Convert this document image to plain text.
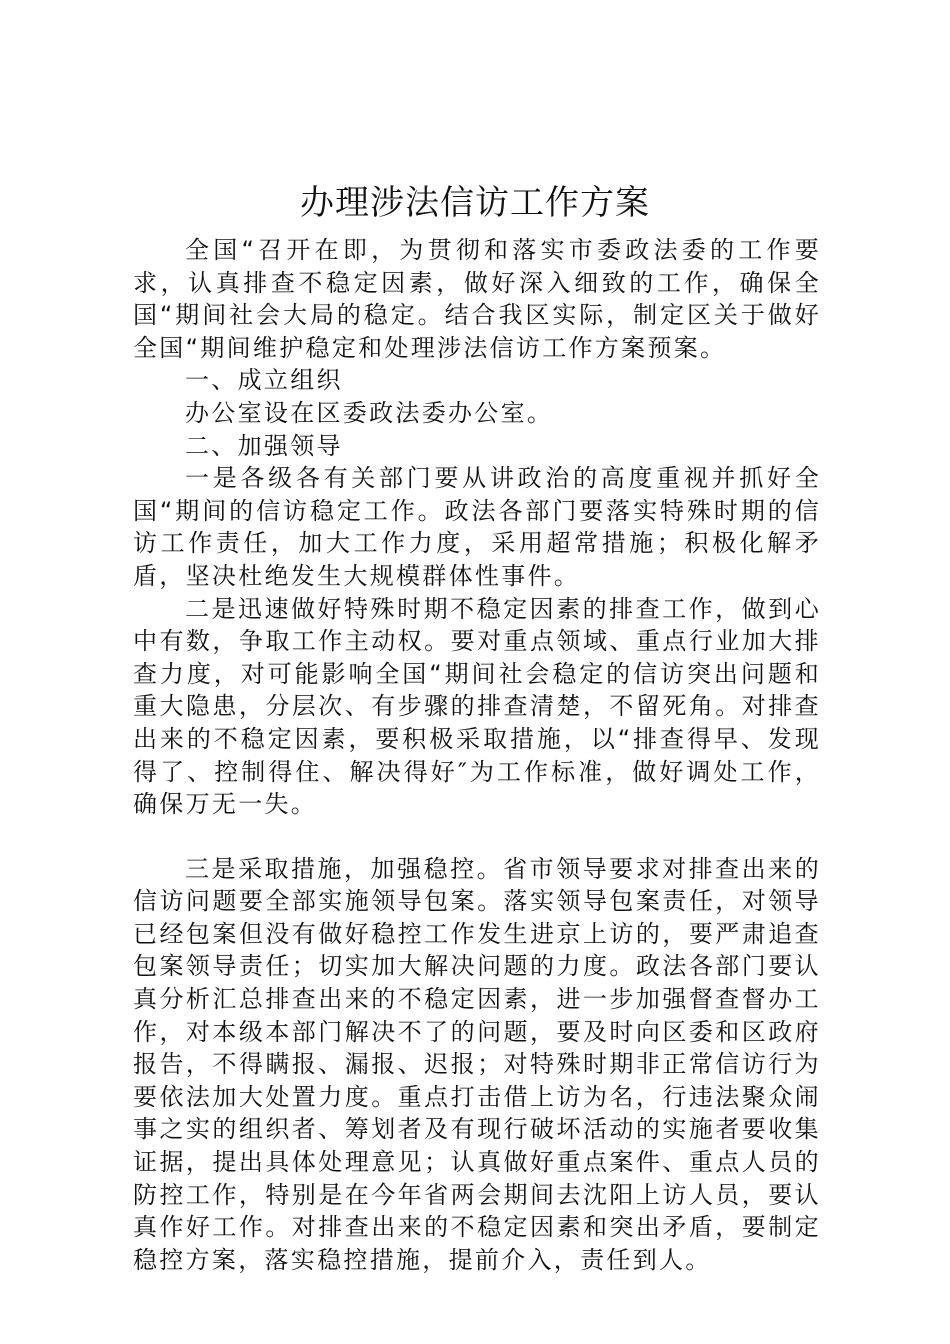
办理涉法信访工作方案

全国“召开在即，为贯彻和落实市委政法委的工作要求，认真排查不稳定因素，做好深入细致的工作，确保全国“期间社会大局的稳定。结合我区实际，制定区关于做好全国“期间维护稳定和处理涉法信访工作方案预案。

一、成立组织

办公室设在区委政法委办公室。

二、加强领导

一是各级各有关部门要从讲政治的高度重视并抓好全国“期间的信访稳定工作。政法各部门要落实特殊时期的信访工作责任，加大工作力度，采用超常措施；积极化解矛盾，坚决杜绝发生大规模群体性事件。

二是迅速做好特殊时期不稳定因素的排查工作，做到心中有数，争取工作主动权。要对重点领域、重点行业加大排查力度，对可能影响全国“期间社会稳定的信访突出问题和重大隐患，分层次、有步骤的排查清楚，不留死角。对排查出来的不稳定因素，要积极采取措施，以“排查得早、发现得了、控制得住、解决得好″为工作标准，做好调处工作，确保万无一失。

三是采取措施，加强稳控。省市领导要求对排查出来的信访问题要全部实施领导包案。落实领导包案责任，对领导已经包案但没有做好稳控工作发生进京上访的，要严肃追查包案领导责任；切实加大解决问题的力度。政法各部门要认真分析汇总排查出来的不稳定因素，进一步加强督查督办工作，对本级本部门解决不了的问题，要及时向区委和区政府报告，不得瞒报、漏报、迟报；对特殊时期非正常信访行为要依法加大处置力度。重点打击借上访为名，行违法聚众闹事之实的组织者、筹划者及有现行破坏活动的实施者要收集证据，提出具体处理意见；认真做好重点案件、重点人员的防控工作，特别是在今年省两会期间去沈阳上访人员，要认真作好工作。对排查出来的不稳定因素和突出矛盾，要制定稳控方案，落实稳控措施，提前介入，责任到人。
